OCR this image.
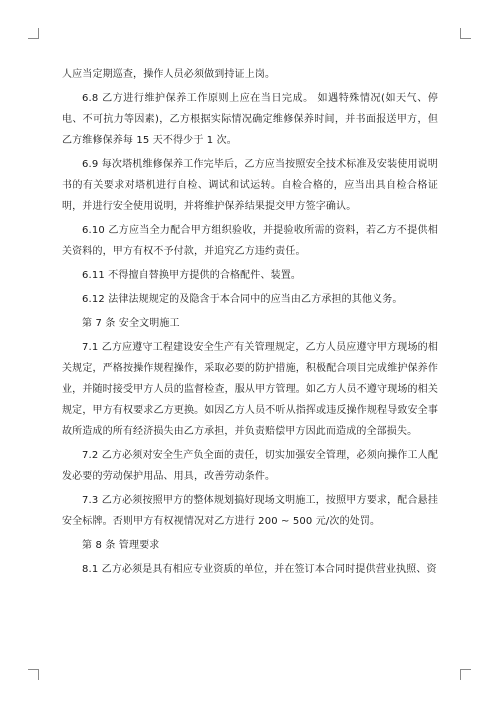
人应当定期巡查，操作人员必须做到持证上岗。

6.8 乙方进行维护保养工作原则上应在当日完成。 如遇特殊情况(如天气、停电、不可抗力等因素)，乙方根据实际情况确定维修保养时间，并书面报送甲方，但乙方维修保养每 15 天不得少于 1 次。

6.9 每次塔机维修保养工作完毕后，乙方应当按照安全技术标准及安装使用说明书的有关要求对塔机进行自检、调试和试运转。自检合格的，应当出具自检合格证明，并进行安全使用说明，并将维护保养结果提交甲方签字确认。

6.10 乙方应当全力配合甲方组织验收，并提验收所需的资料，若乙方不提供相关资料的，甲方有权不予付款，并追究乙方违约责任。

6.11 不得擅自替换甲方提供的合格配件、装置。

6.12 法律法规规定的及隐含于本合同中的应当由乙方承担的其他义务。

第 7 条 安全文明施工

7.1 乙方应遵守工程建设安全生产有关管理规定，乙方人员应遵守甲方现场的相关规定，严格按操作规程操作，采取必要的防护措施，积极配合项目完成维护保养作业，并随时接受甲方人员的监督检查，服从甲方管理。如乙方人员不遵守现场的相关规定，甲方有权要求乙方更换。如因乙方人员不听从指挥或违反操作规程导致安全事故所造成的所有经济损失由乙方承担，并负责赔偿甲方因此而造成的全部损失。

7.2 乙方必须对安全生产负全面的责任，切实加强安全管理，必须向操作工人配发必要的劳动保护用品、用具，改善劳动条件。

7.3 乙方必须按照甲方的整体规划搞好现场文明施工，按照甲方要求，配合悬挂安全标牌。否则甲方有权视情况对乙方进行 200 ~ 500 元/次的处罚。

第 8 条 管理要求

8.1 乙方必须是具有相应专业资质的单位，并在签订本合同时提供营业执照、资
